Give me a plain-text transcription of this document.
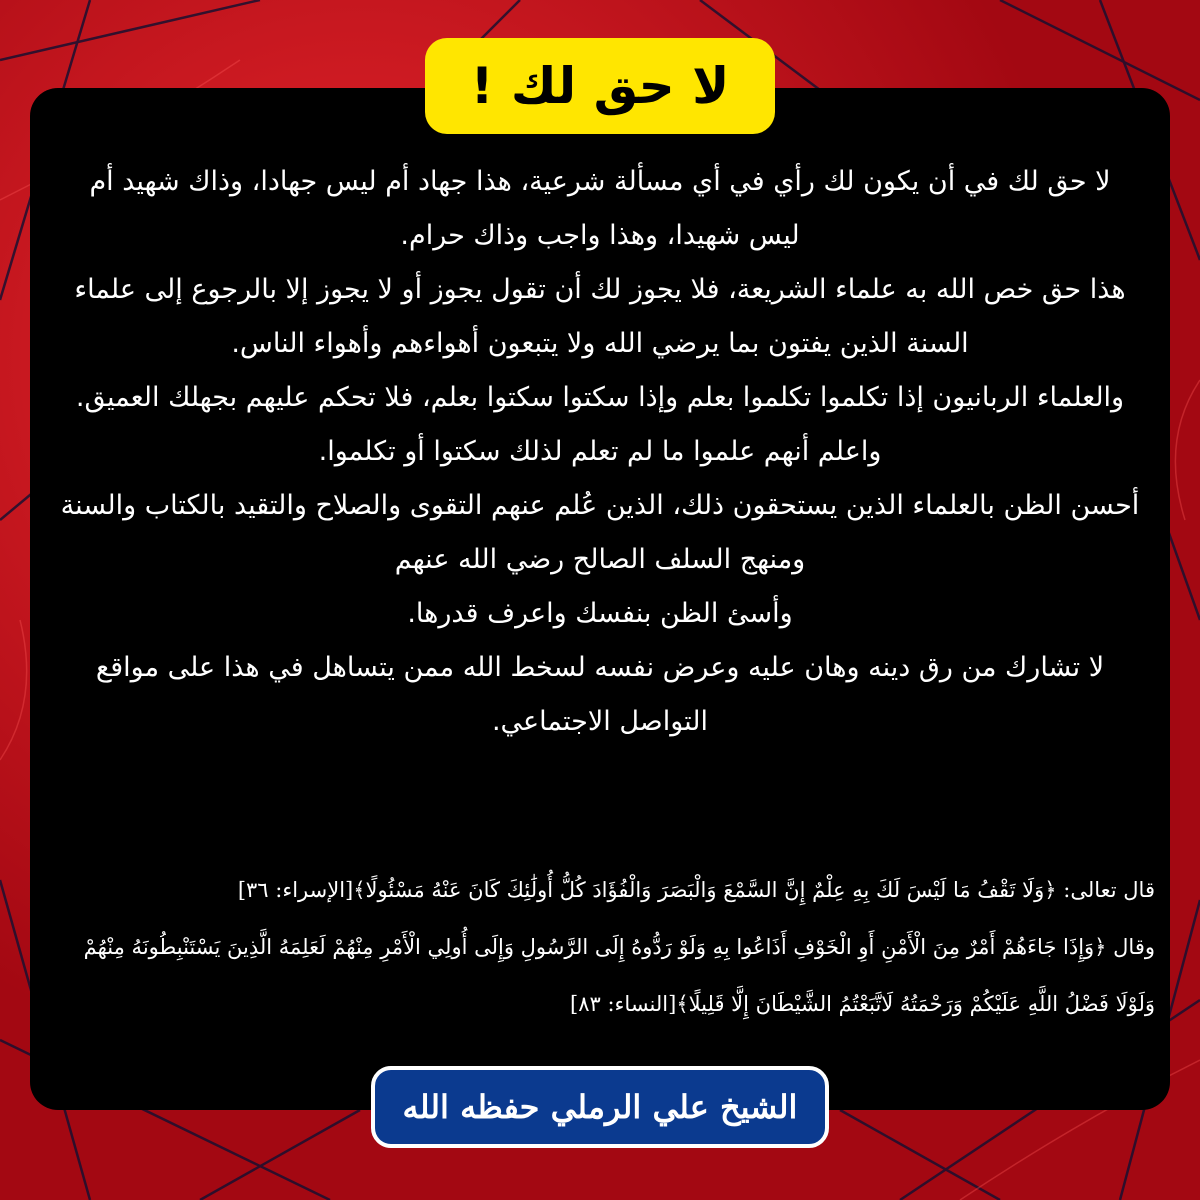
لا حق لك !

لا حق لك في أن يكون لك رأي في أي مسألة شرعية، هذا جهاد أم ليس جهادا، وذاك شهيد أم ليس شهيدا، وهذا واجب وذاك حرام.

هذا حق خص الله به علماء الشريعة، فلا يجوز لك أن تقول يجوز أو لا يجوز إلا بالرجوع إلى علماء السنة الذين يفتون بما يرضي الله ولا يتبعون أهواءهم وأهواء الناس.

والعلماء الربانيون إذا تكلموا تكلموا بعلم وإذا سكتوا سكتوا بعلم، فلا تحكم عليهم بجهلك العميق.

واعلم أنهم علموا ما لم تعلم لذلك سكتوا أو تكلموا.

أحسن الظن بالعلماء الذين يستحقون ذلك، الذين عُلم عنهم التقوى والصلاح والتقيد بالكتاب والسنة ومنهج السلف الصالح رضي الله عنهم

وأسئ الظن بنفسك واعرف قدرها.

لا تشارك من رق دينه وهان عليه وعرض نفسه لسخط الله ممن يتساهل في هذا على مواقع التواصل الاجتماعي.

قال تعالى: ﴿وَلَا تَقْفُ مَا لَيْسَ لَكَ بِهِ عِلْمٌ إِنَّ السَّمْعَ وَالْبَصَرَ وَالْفُؤَادَ كُلُّ أُولَٰئِكَ كَانَ عَنْهُ مَسْئُولًا﴾[الإسراء: ٣٦]

وقال ﴿وَإِذَا جَاءَهُمْ أَمْرٌ مِنَ الْأَمْنِ أَوِ الْخَوْفِ أَذَاعُوا بِهِ وَلَوْ رَدُّوهُ إِلَى الرَّسُولِ وَإِلَى أُولِي الْأَمْرِ مِنْهُمْ لَعَلِمَهُ الَّذِينَ يَسْتَنْبِطُونَهُ مِنْهُمْ وَلَوْلَا فَضْلُ اللَّهِ عَلَيْكُمْ وَرَحْمَتُهُ لَاتَّبَعْتُمُ الشَّيْطَانَ إِلَّا قَلِيلًا﴾[النساء: ٨٣]

الشيخ علي الرملي حفظه الله
